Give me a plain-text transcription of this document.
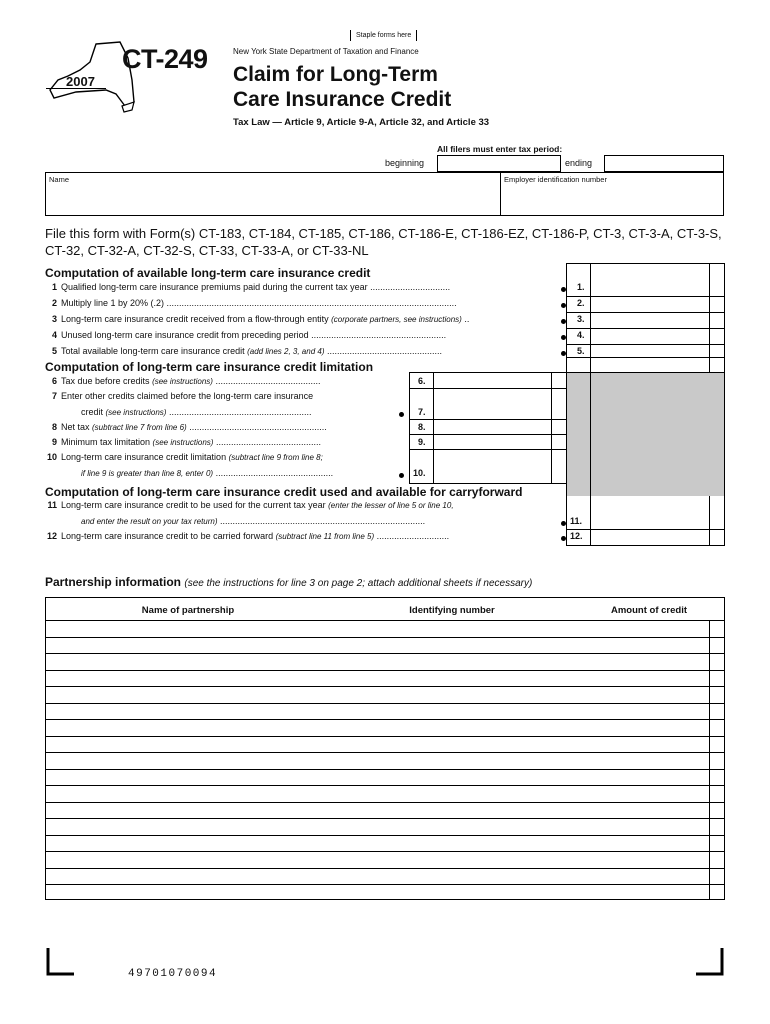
Staple forms here
CT-249
2007
New York State Department of Taxation and Finance
Claim for Long-Term
Care Insurance Credit
Tax Law — Article 9, Article 9-A, Article 32, and Article 33
All filers must enter tax period:
beginning	ending
Name	Employer identification number
File this form with Form(s) CT-183, CT-184, CT-185, CT-186, CT-186-E, CT-186-EZ, CT-186-P, CT-3, CT-3-A, CT-3-S, CT-32, CT-32-A, CT-32-S, CT-33, CT-33-A, or CT-33-NL
Computation of available long-term care insurance credit
1 Qualified long-term care insurance premiums paid during the current tax year ................................	1.
2 Multiply line 1 by 20% (.2) ....................................................................................................................	2.
3 Long-term care insurance credit received from a flow-through entity (corporate partners, see instructions) ..	3.
4 Unused long-term care insurance credit from preceding period ......................................................	4.
5 Total available long-term care insurance credit (add lines 2, 3, and 4) ..............................................	5.
Computation of long-term care insurance credit limitation
6 Tax due before credits (see instructions) ..........................................	6.
7 Enter other credits claimed before the long-term care insurance
credit (see instructions) .........................................................	7.
8 Net tax (subtract line 7 from line 6) .......................................................	8.
9 Minimum tax limitation (see instructions) ..........................................	9.
10 Long-term care insurance credit limitation (subtract line 9 from line 8;
if line 9 is greater than line 8, enter 0) ...............................................	10.
Computation of long-term care insurance credit used and available for carryforward
11 Long-term care insurance credit to be used for the current tax year (enter the lesser of line 5 or line 10,
and enter the result on your tax return) ..................................................................................	11.
12 Long-term care insurance credit to be carried forward (subtract line 11 from line 5) .............................	12.
Partnership information (see the instructions for line 3 on page 2; attach additional sheets if necessary)
Name of partnership	Identifying number	Amount of credit
49701070094
